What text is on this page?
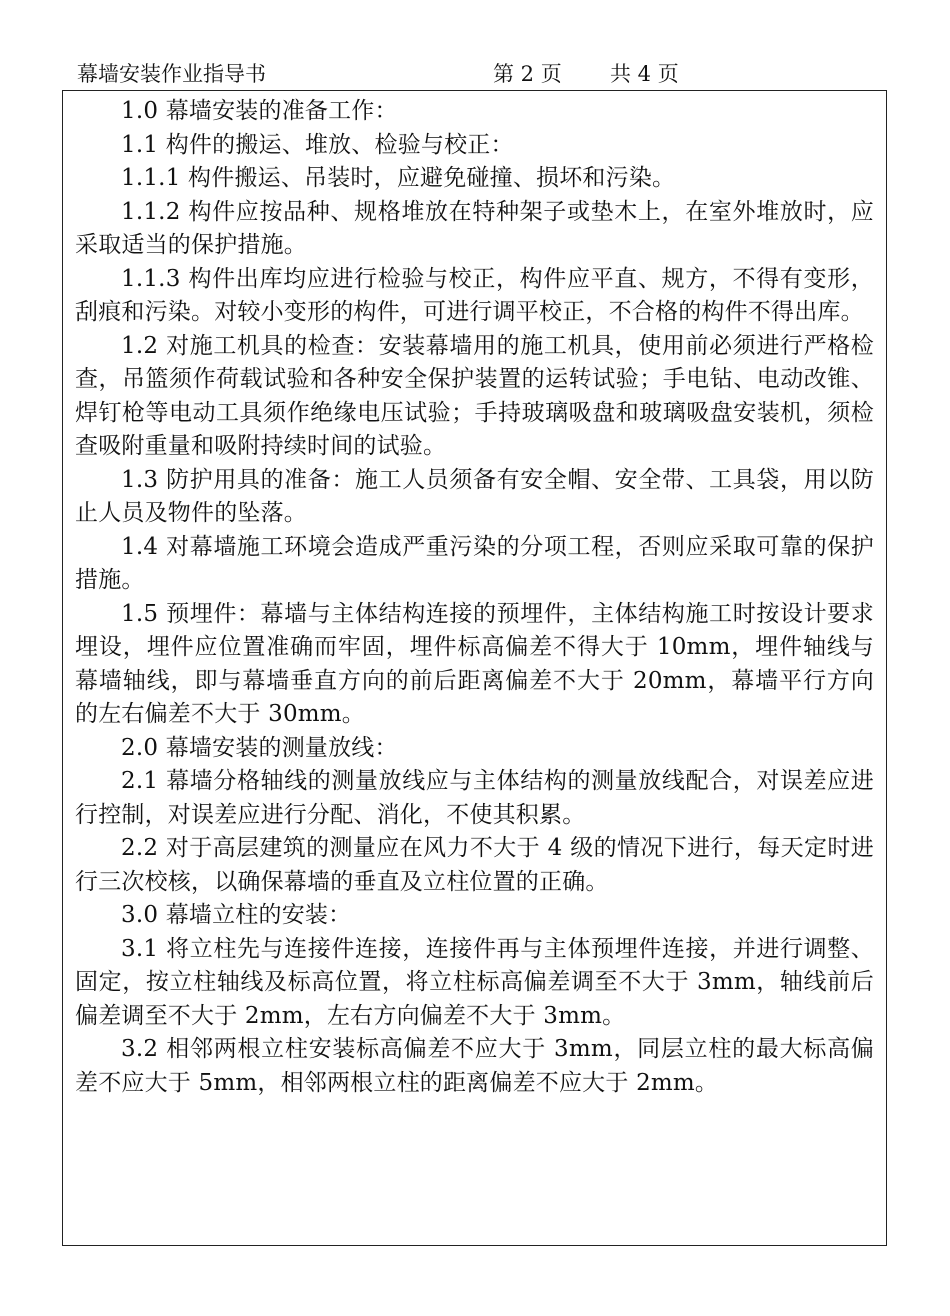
幕墙安装作业指导书	第 2 页 共 4 页

1.0 幕墙安装的准备工作：

1.1 构件的搬运、堆放、检验与校正：

1.1.1 构件搬运、吊装时，应避免碰撞、损坏和污染。

1.1.2 构件应按品种、规格堆放在特种架子或垫木上，在室外堆放时，应采取适当的保护措施。

1.1.3 构件出库均应进行检验与校正，构件应平直、规方，不得有变形，刮痕和污染。对较小变形的构件，可进行调平校正，不合格的构件不得出库。

1.2 对施工机具的检查：安装幕墙用的施工机具，使用前必须进行严格检查，吊篮须作荷载试验和各种安全保护装置的运转试验；手电钻、电动改锥、焊钉枪等电动工具须作绝缘电压试验；手持玻璃吸盘和玻璃吸盘安装机，须检查吸附重量和吸附持续时间的试验。

1.3 防护用具的准备：施工人员须备有安全帽、安全带、工具袋，用以防止人员及物件的坠落。

1.4 对幕墙施工环境会造成严重污染的分项工程，否则应采取可靠的保护措施。

1.5 预埋件：幕墙与主体结构连接的预埋件，主体结构施工时按设计要求埋设，埋件应位置准确而牢固，埋件标高偏差不得大于 10mm，埋件轴线与幕墙轴线，即与幕墙垂直方向的前后距离偏差不大于 20mm，幕墙平行方向的左右偏差不大于 30mm。

2.0 幕墙安装的测量放线：

2.1 幕墙分格轴线的测量放线应与主体结构的测量放线配合，对误差应进行控制，对误差应进行分配、消化，不使其积累。

2.2 对于高层建筑的测量应在风力不大于 4 级的情况下进行，每天定时进行三次校核，以确保幕墙的垂直及立柱位置的正确。

3.0 幕墙立柱的安装：

3.1 将立柱先与连接件连接，连接件再与主体预埋件连接，并进行调整、固定，按立柱轴线及标高位置，将立柱标高偏差调至不大于 3mm，轴线前后偏差调至不大于 2mm，左右方向偏差不大于 3mm。

3.2 相邻两根立柱安装标高偏差不应大于 3mm，同层立柱的最大标高偏差不应大于 5mm，相邻两根立柱的距离偏差不应大于 2mm。
